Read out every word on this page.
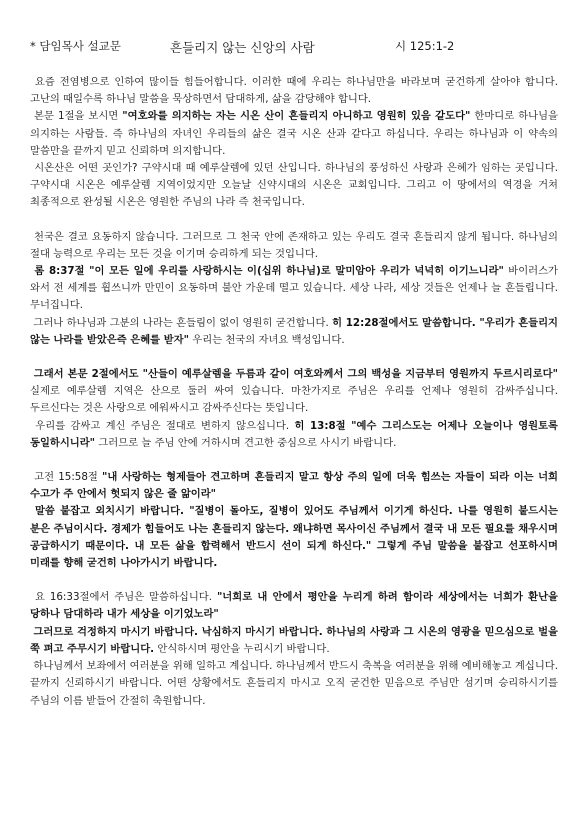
* 담임목사 설교문	흔들리지 않는 신앙의 사람	시 125:1-2

요즘 전염병으로 인하여 많이들 힘들어합니다. 이러한 때에 우리는 하나님만을 바라보며 굳건하게 살아야 합니다. 고난의 때일수록 하나님 말씀을 묵상하면서 담대하게, 삶을 감당해야 합니다.

본문 1절을 보시면 "여호와를 의지하는 자는 시온 산이 흔들리지 아니하고 영원히 있음 같도다" 한마디로 하나님을 의지하는 사람들. 즉 하나님의 자녀인 우리들의 삶은 결국 시온 산과 같다고 하십니다. 우리는 하나님과 이 약속의 말씀만을 끝까지 믿고 신뢰하며 의지합니다.

시온산은 어떤 곳인가? 구약시대 때 예루살렘에 있던 산입니다. 하나님의 풍성하신 사랑과 은혜가 임하는 곳입니다. 구약시대 시온은 예루살렘 지역이었지만 오늘날 신약시대의 시온은 교회입니다. 그리고 이 땅에서의 역경을 거쳐 최종적으로 완성될 시온은 영원한 주님의 나라 즉 천국입니다.

천국은 결코 요동하지 않습니다. 그러므로 그 천국 안에 존재하고 있는 우리도 결국 흔들리지 않게 됩니다. 하나님의 절대 능력으로 우리는 모든 것을 이기며 승리하게 되는 것입니다.

롬 8:37절 "이 모든 일에 우리를 사랑하시는 이(십위 하나님)로 말미암아 우리가 넉넉히 이기느니라" 바이러스가 와서 전 세계를 휩쓰니까 만민이 요동하며 불안 가운데 떨고 있습니다. 세상 나라, 세상 것들은 언제나 늘 흔들립니다. 무너집니다.

그러나 하나님과 그분의 나라는 흔들림이 없이 영원히 굳건합니다. 히 12:28절에서도 말씀합니다. "우리가 흔들리지 않는 나라를 받았은즉 은혜를 받자" 우리는 천국의 자녀요 백성입니다.

그래서 본문 2절에서도 "산들이 예루살렘을 두름과 같이 여호와께서 그의 백성을 지금부터 영원까지 두르시리로다" 실제로 예루살렘 지역은 산으로 둘러 싸여 있습니다. 마찬가지로 주님은 우리를 언제나 영원히 감싸주십니다. 두르신다는 것은 사랑으로 에워싸시고 감싸주신다는 뜻입니다.

우리를 감싸고 계신 주님은 절대로 변하지 않으십니다. 히 13:8절 "예수 그리스도는 어제나 오늘이나 영원토록 동일하시니라" 그러므로 늘 주님 안에 거하시며 견고한 중심으로 사시기 바랍니다.

고전 15:58절 "내 사랑하는 형제들아 견고하며 흔들리지 말고 항상 주의 일에 더욱 힘쓰는 자들이 되라 이는 너희 수고가 주 안에서 헛되지 않은 줄 앎이라"

말씀 붙잡고 외치시기 바랍니다. "질병이 돌아도, 질병이 있어도 주님께서 이기게 하신다. 나를 영원히 붙드시는 분은 주님이시다. 경제가 힘들어도 나는 흔들리지 않는다. 왜냐하면 목사이신 주님께서 결국 내 모든 필요를 채우시며 공급하시기 때문이다. 내 모든 삶을 합력해서 반드시 선이 되게 하신다." 그렇게 주님 말씀을 붙잡고 선포하시며 미래를 향해 굳건히 나아가시기 바랍니다.

요 16:33절에서 주님은 말씀하십니다. "너희로 내 안에서 평안을 누리게 하려 함이라 세상에서는 너희가 환난을 당하나 담대하라 내가 세상을 이기었노라"

그러므로 걱정하지 마시기 바랍니다. 낙심하지 마시기 바랍니다. 하나님의 사랑과 그 시온의 영광을 믿으심으로 벌을 쭉 펴고 주무시기 바랍니다. 안식하시며 평안을 누리시기 바랍니다.

하나님께서 보좌에서 여러분을 위해 일하고 계십니다. 하나님께서 반드시 축복을 여러분을 위해 예비해놓고 계십니다. 끝까지 신뢰하시기 바랍니다. 어떤 상황에서도 흔들리지 마시고 오직 굳건한 믿음으로 주님만 섬기며 승리하시기를 주님의 이름 받들어 간절히 축원합니다.
